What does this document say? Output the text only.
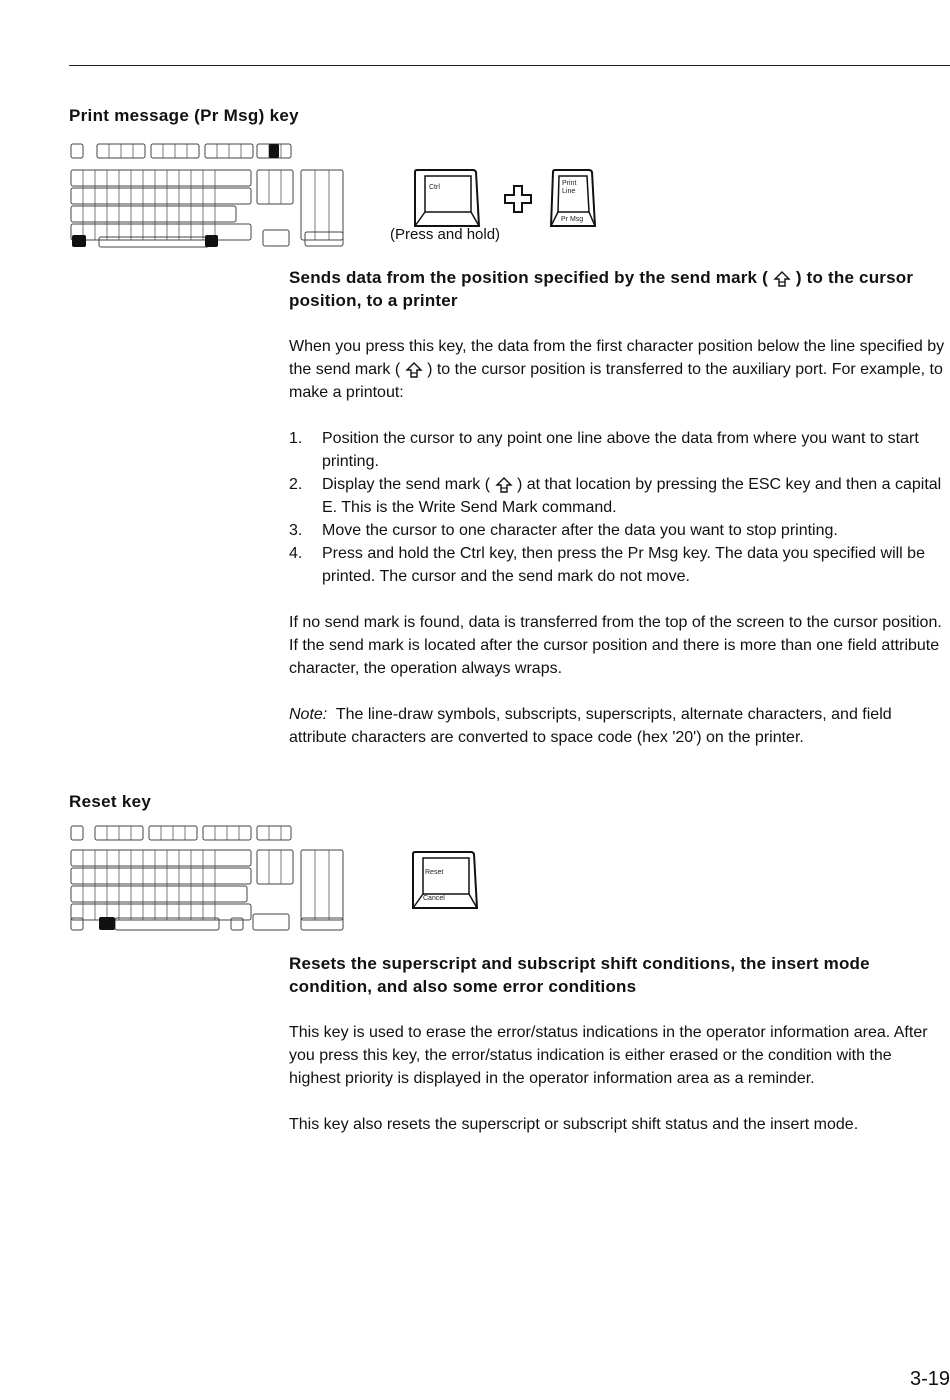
Print message (Pr Msg) key
Ctrl
Print
Line
Pr Msg
(Press and hold)

Sends data from the position specified by the send mark ( ) to the cursor position, to a printer

When you press this key, the data from the first character position below the line specified by the send mark ( ) to the cursor position is transferred to the auxiliary port. For example, to make a printout:

1. Position the cursor to any point one line above the data from where you want to start printing.
2. Display the send mark ( ) at that location by pressing the ESC key and then a capital E. This is the Write Send Mark command.
3. Move the cursor to one character after the data you want to stop printing.
4. Press and hold the Ctrl key, then press the Pr Msg key. The data you specified will be printed. The cursor and the send mark do not move.

If no send mark is found, data is transferred from the top of the screen to the cursor position. If the send mark is located after the cursor position and there is more than one field attribute character, the operation always wraps.

Note: The line-draw symbols, subscripts, superscripts, alternate characters, and field attribute characters are converted to space code (hex '20') on the printer.

Reset key
Reset
Cancel

Resets the superscript and subscript shift conditions, the insert mode condition, and also some error conditions

This key is used to erase the error/status indications in the operator information area. After you press this key, the error/status indication is either erased or the condition with the highest priority is displayed in the operator information area as a reminder.

This key also resets the superscript or subscript shift status and the insert mode.

3-19
